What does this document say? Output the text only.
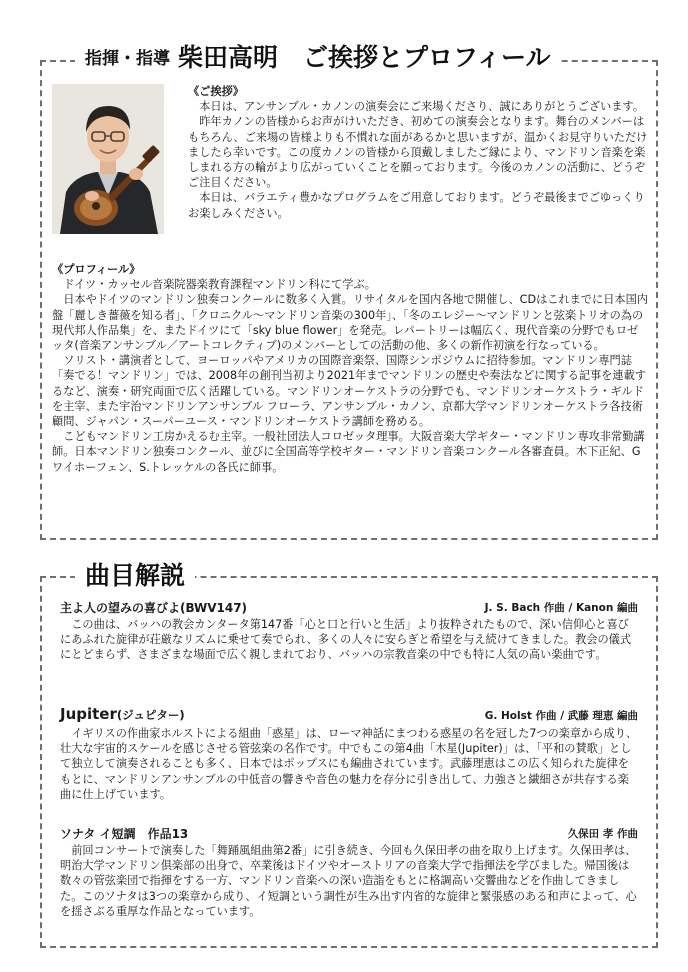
指揮・指導 柴田高明　ご挨拶とプロフィール
《ご挨拶》

本日は、アンサンブル・カノンの演奏会にご来場くださり、誠にありがとうございます。

昨年カノンの皆様からお声がけいただき、初めての演奏会となります。舞台のメンバーはもちろん、ご来場の皆様よりも不慣れな面があるかと思いますが、温かくお見守りいただけましたら幸いです。この度カノンの皆様から頂戴しましたご縁により、マンドリン音楽を楽しまれる方の輪がより広がっていくことを願っております。今後のカノンの活動に、どうぞご注目ください。

本日は、バラエティ豊かなプログラムをご用意しております。どうぞ最後までごゆっくりお楽しみください。

《プロフィール》

ドイツ・カッセル音楽院器楽教育課程マンドリン科にて学ぶ。

日本やドイツのマンドリン独奏コンクールに数多く入賞。リサイタルを国内各地で開催し、CDはこれまでに日本国内盤「麗しき薔薇を知る者」、「クロニクル～マンドリン音楽の300年」、「冬のエレジー～マンドリンと弦楽トリオの為の現代邦人作品集」を、またドイツにて「sky blue flower」を発売。レパートリーは幅広く、現代音楽の分野でもロゼッタ(音楽アンサンブル／アートコレクティブ)のメンバーとしての活動の他、多くの新作初演を行なっている。

ソリスト・講演者として、ヨーロッパやアメリカの国際音楽祭、国際シンポジウムに招待参加。マンドリン専門誌「奏でる！マンドリン」では、2008年の創刊当初より2021年までマンドリンの歴史や奏法などに関する記事を連載するなど、演奏・研究両面で広く活躍している。マンドリンオーケストラの分野でも、マンドリンオーケストラ・ギルドを主宰、また宇治マンドリンアンサンブル フローラ、アンサンブル・カノン、京都大学マンドリンオーケストラ各技術顧問、ジャパン・スーパーユース・マンドリンオーケストラ講師を務める。

こどもマンドリン工房かえるむ主宰。一般社団法人コロゼッタ理事。大阪音楽大学ギター・マンドリン専攻非常勤講師。日本マンドリン独奏コンクール、並びに全国高等学校ギター・マンドリン音楽コンクール各審査員。木下正紀、Gワイホーフェン、S.トレッケルの各氏に師事。

曲目解説
主よ人の望みの喜びよ(BWV147)	J. S. Bach 作曲 / Kanon 編曲

この曲は、バッハの教会カンタータ第147番「心と口と行いと生活」より抜粋されたもので、深い信仰心と喜びにあふれた旋律が荘厳なリズムに乗せて奏でられ、多くの人々に安らぎと希望を与え続けてきました。教会の儀式にとどまらず、さまざまな場面で広く親しまれており、バッハの宗教音楽の中でも特に人気の高い楽曲です。

Jupiter(ジュピター)	G. Holst 作曲 / 武藤 理恵 編曲

イギリスの作曲家ホルストによる組曲「惑星」は、ローマ神話にまつわる惑星の名を冠した7つの楽章から成り、壮大な宇宙的スケールを感じさせる管弦楽の名作です。中でもこの第4曲「木星(Jupiter)」は、「平和の賛歌」として独立して演奏されることも多く、日本ではポップスにも編曲されています。武藤理恵はこの広く知られた旋律をもとに、マンドリンアンサンブルの中低音の響きや音色の魅力を存分に引き出して、力強さと繊細さが共存する楽曲に仕上げています。

ソナタ イ短調　作品13	久保田 孝 作曲

前回コンサートで演奏した「舞踊風組曲第2番」に引き続き、今回も久保田孝の曲を取り上げます。久保田孝は、明治大学マンドリン倶楽部の出身で、卒業後はドイツやオーストリアの音楽大学で指揮法を学びました。帰国後は数々の管弦楽団で指揮をする一方、マンドリン音楽への深い造詣をもとに格調高い交響曲などを作曲してきました。このソナタは3つの楽章から成り、イ短調という調性が生み出す内省的な旋律と緊張感のある和声によって、心を揺さぶる重厚な作品となっています。
